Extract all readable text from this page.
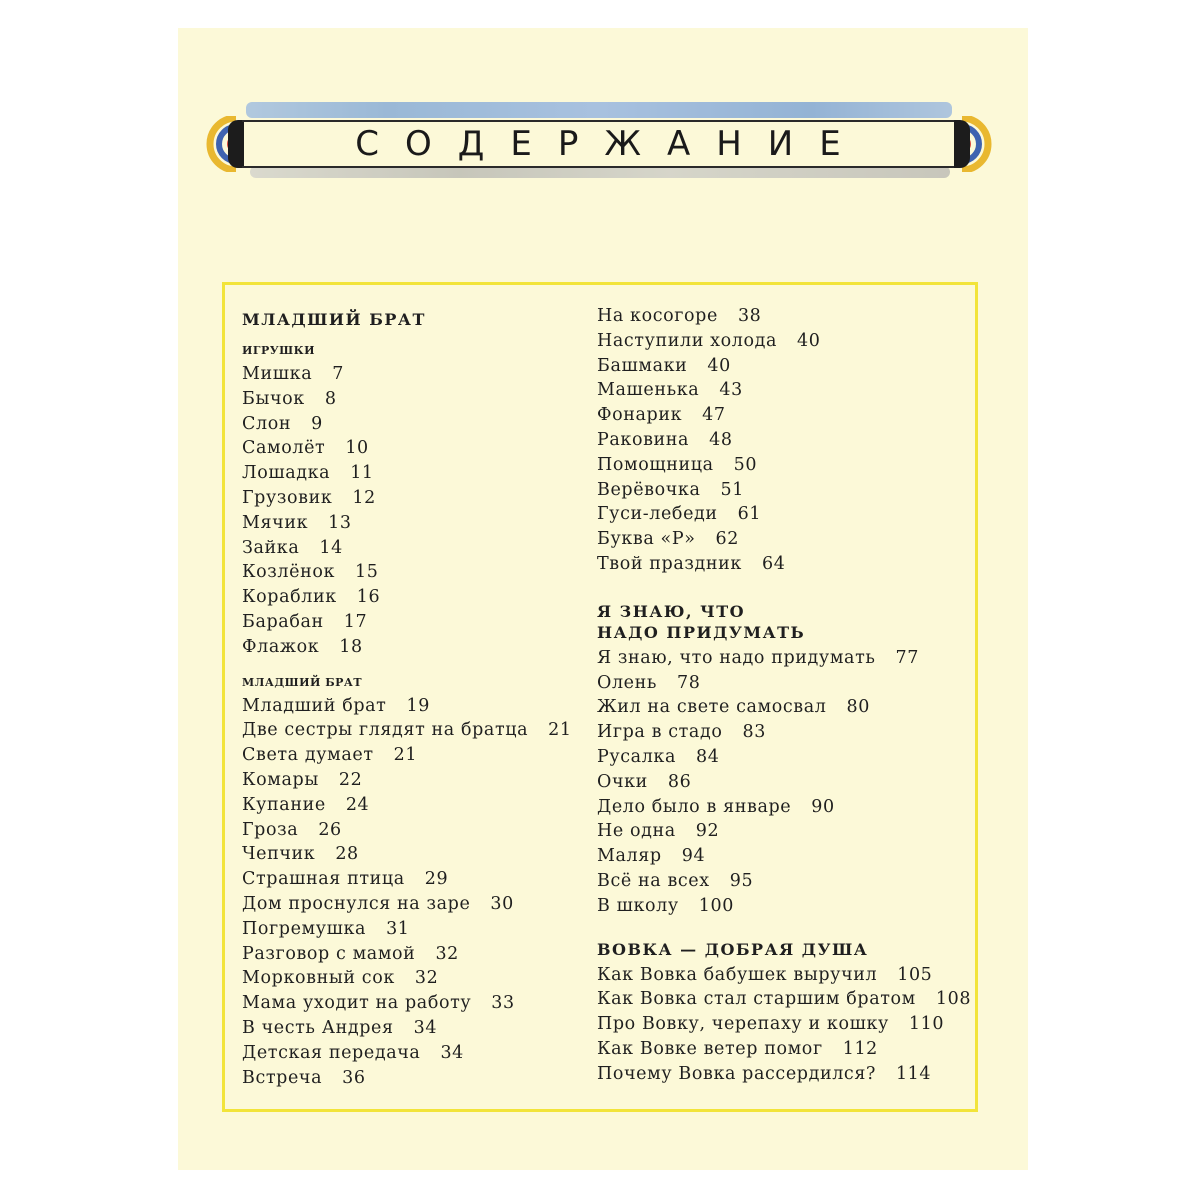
СОДЕРЖАНИЕ
МЛАДШИЙ БРАТ
ИГРУШКИ
Мишка 7
Бычок 8
Слон 9
Самолёт 10
Лошадка 11
Грузовик 12
Мячик 13
Зайка 14
Козлёнок 15
Кораблик 16
Барабан 17
Флажок 18
МЛАДШИЙ БРАТ
Младший брат 19
Две сестры глядят на братца 21
Света думает 21
Комары 22
Купание 24
Гроза 26
Чепчик 28
Страшная птица 29
Дом проснулся на заре 30
Погремушка 31
Разговор с мамой 32
Морковный сок 32
Мама уходит на работу 33
В честь Андрея 34
Детская передача 34
Встреча 36
На косогоре 38
Наступили холода 40
Башмаки 40
Машенька 43
Фонарик 47
Раковина 48
Помощница 50
Верёвочка 51
Гуси-лебеди 61
Буква «Р» 62
Твой праздник 64
Я ЗНАЮ, ЧТО
НАДО ПРИДУМАТЬ
Я знаю, что надо придумать 77
Олень 78
Жил на свете самосвал 80
Игра в стадо 83
Русалка 84
Очки 86
Дело было в январе 90
Не одна 92
Маляр 94
Всё на всех 95
В школу 100
ВОВКА — ДОБРАЯ ДУША
Как Вовка бабушек выручил 105
Как Вовка стал старшим братом 108
Про Вовку, черепаху и кошку 110
Как Вовке ветер помог 112
Почему Вовка рассердился? 114
